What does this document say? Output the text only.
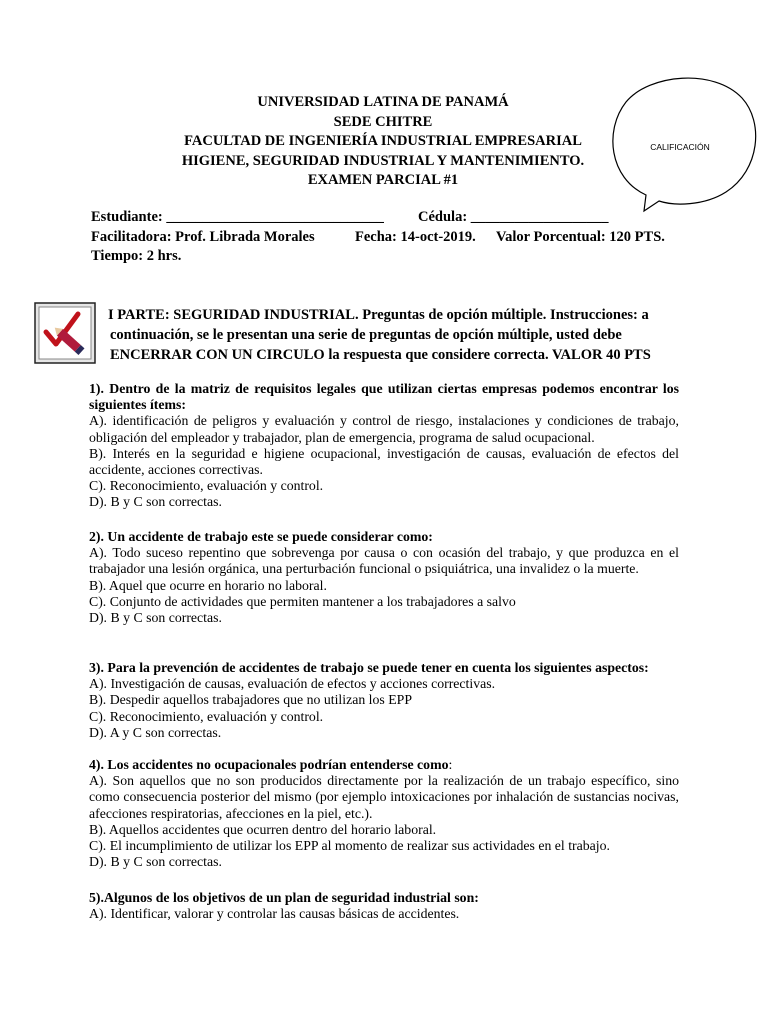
UNIVERSIDAD LATINA DE PANAMÁ
SEDE CHITRE
FACULTAD DE INGENIERÍA INDUSTRIAL EMPRESARIAL
HIGIENE, SEGURIDAD INDUSTRIAL Y MANTENIMIENTO.
EXAMEN PARCIAL #1
CALIFICACIÓN
Estudiante: ______________________________ Cédula: ___________________
Facilitadora: Prof. Librada Morales	Fecha: 14-oct-2019. Valor Porcentual: 120 PTS.
Tiempo: 2 hrs.
I PARTE: SEGURIDAD INDUSTRIAL. Preguntas de opción múltiple. Instrucciones: a
continuación, se le presentan una serie de preguntas de opción múltiple, usted debe
ENCERRAR CON UN CIRCULO la respuesta que considere correcta. VALOR 40 PTS
1). Dentro de la matriz de requisitos legales que utilizan ciertas empresas podemos encontrar los siguientes ítems:
A). identificación de peligros y evaluación y control de riesgo, instalaciones y condiciones de trabajo, obligación del empleador y trabajador, plan de emergencia, programa de salud ocupacional.
B). Interés en la seguridad e higiene ocupacional, investigación de causas, evaluación de efectos del accidente, acciones correctivas.
C). Reconocimiento, evaluación y control.
D). B y C son correctas.
2). Un accidente de trabajo este se puede considerar como:
A). Todo suceso repentino que sobrevenga por causa o con ocasión del trabajo, y que produzca en el trabajador una lesión orgánica, una perturbación funcional o psiquiátrica, una invalidez o la muerte.
B). Aquel que ocurre en horario no laboral.
C). Conjunto de actividades que permiten mantener a los trabajadores a salvo
D). B y C son correctas.
3). Para la prevención de accidentes de trabajo se puede tener en cuenta los siguientes aspectos:
A). Investigación de causas, evaluación de efectos y acciones correctivas.
B). Despedir aquellos trabajadores que no utilizan los EPP
C). Reconocimiento, evaluación y control.
D). A y C son correctas.
4). Los accidentes no ocupacionales podrían entenderse como:
A). Son aquellos que no son producidos directamente por la realización de un trabajo específico, sino como consecuencia posterior del mismo (por ejemplo intoxicaciones por inhalación de sustancias nocivas, afecciones respiratorias, afecciones en la piel, etc.).
B). Aquellos accidentes que ocurren dentro del horario laboral.
C). El incumplimiento de utilizar los EPP al momento de realizar sus actividades en el trabajo.
D). B y C son correctas.
5).Algunos de los objetivos de un plan de seguridad industrial son:
A). Identificar, valorar y controlar las causas básicas de accidentes.
